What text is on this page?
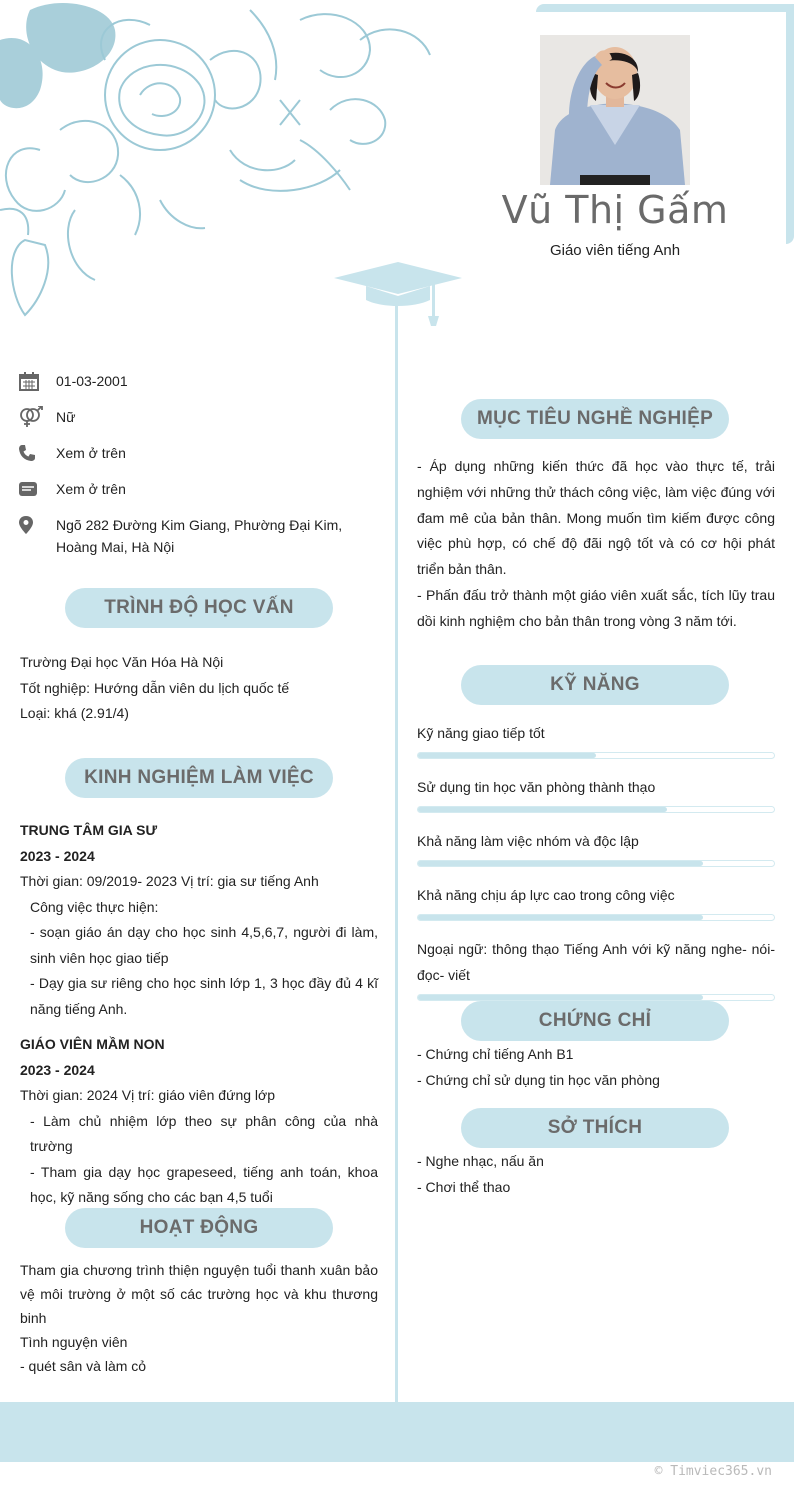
Vũ Thị Gấm
Giáo viên tiếng Anh
01-03-2001
Nữ
Xem ở trên
Xem ở trên
Ngõ 282 Đường Kim Giang, Phường Đại Kim,
Hoàng Mai, Hà Nội
TRÌNH ĐỘ HỌC VẤN
Trường Đại học Văn Hóa Hà Nội
Tốt nghiệp: Hướng dẫn viên du lịch quốc tế
Loại: khá (2.91/4)
KINH NGHIỆM LÀM VIỆC
TRUNG TÂM GIA SƯ
2023 - 2024
Thời gian: 09/2019- 2023 Vị trí: gia sư tiếng Anh
Công việc thực hiện:
- soạn giáo án dạy cho học sinh 4,5,6,7, người đi làm, sinh viên học giao tiếp
- Dạy gia sư riêng cho học sinh lớp 1, 3 học đầy đủ 4 kĩ năng tiếng Anh.
GIÁO VIÊN MẦM NON
2023 - 2024
Thời gian: 2024 Vị trí: giáo viên đứng lớp
- Làm chủ nhiệm lớp theo sự phân công của nhà trường
- Tham gia dạy học grapeseed, tiếng anh toán, khoa học, kỹ năng sống cho các bạn 4,5 tuổi
HOẠT ĐỘNG
Tham gia chương trình thiện nguyện tuổi thanh xuân bảo vệ môi trường ở một số các trường học và khu thương binh
Tình nguyện viên
- quét sân và làm cỏ
MỤC TIÊU NGHỀ NGHIỆP
- Áp dụng những kiến thức đã học vào thực tế, trải nghiệm với những thử thách công việc, làm việc đúng với đam mê của bản thân. Mong muốn tìm kiếm được công việc phù hợp, có chế độ đãi ngộ tốt và có cơ hội phát triển bản thân.
- Phấn đấu trở thành một giáo viên xuất sắc, tích lũy trau dồi kinh nghiệm cho bản thân trong vòng 3 năm tới.
KỸ NĂNG
Kỹ năng giao tiếp tốt
Sử dụng tin học văn phòng thành thạo
Khả năng làm việc nhóm và độc lập
Khả năng chịu áp lực cao trong công việc
Ngoại ngữ: thông thạo Tiếng Anh với kỹ năng nghe- nói- đọc- viết
CHỨNG CHỈ
- Chứng chỉ tiếng Anh B1
- Chứng chỉ sử dụng tin học văn phòng
SỞ THÍCH
- Nghe nhạc, nấu ăn
- Chơi thể thao
© Timviec365.vn
